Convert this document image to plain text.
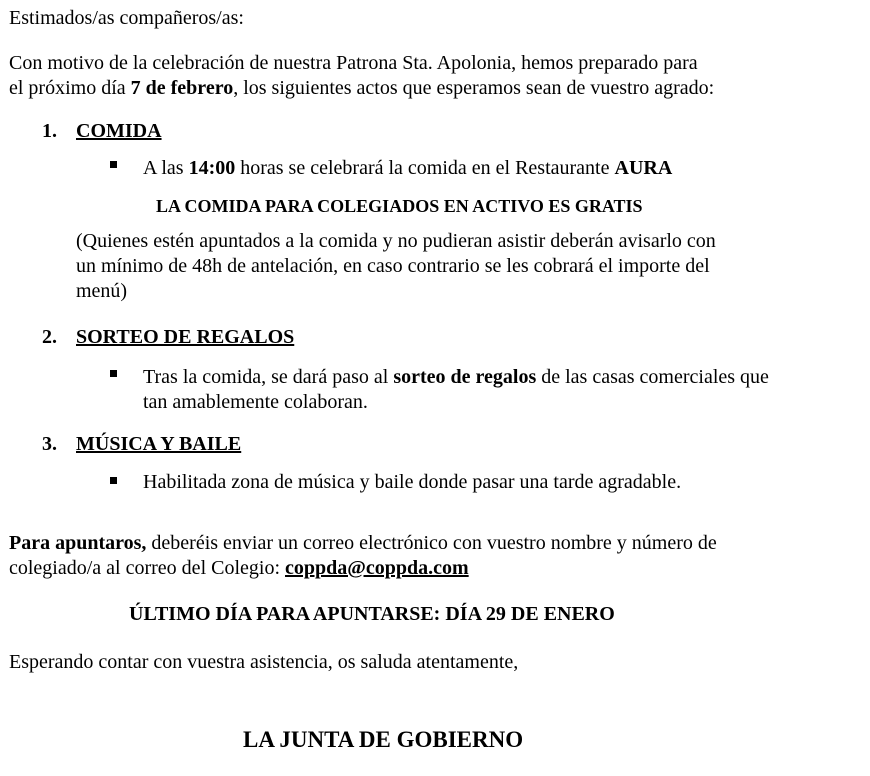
Estimados/as compañeros/as:
Con motivo de la celebración de nuestra Patrona Sta. Apolonia, hemos preparado para
el próximo día 7 de febrero, los siguientes actos que esperamos sean de vuestro agrado:
1. COMIDA
A las 14:00 horas se celebrará la comida en el Restaurante AURA
LA COMIDA PARA COLEGIADOS EN ACTIVO ES GRATIS
(Quienes estén apuntados a la comida y no pudieran asistir deberán avisarlo con
un mínimo de 48h de antelación, en caso contrario se les cobrará el importe del
menú)
2. SORTEO DE REGALOS
Tras la comida, se dará paso al sorteo de regalos de las casas comerciales que
tan amablemente colaboran.
3. MÚSICA Y BAILE
Habilitada zona de música y baile donde pasar una tarde agradable.
Para apuntaros, deberéis enviar un correo electrónico con vuestro nombre y número de
colegiado/a al correo del Colegio: coppda@coppda.com
ÚLTIMO DÍA PARA APUNTARSE: DÍA 29 DE ENERO
Esperando contar con vuestra asistencia, os saluda atentamente,
LA JUNTA DE GOBIERNO
